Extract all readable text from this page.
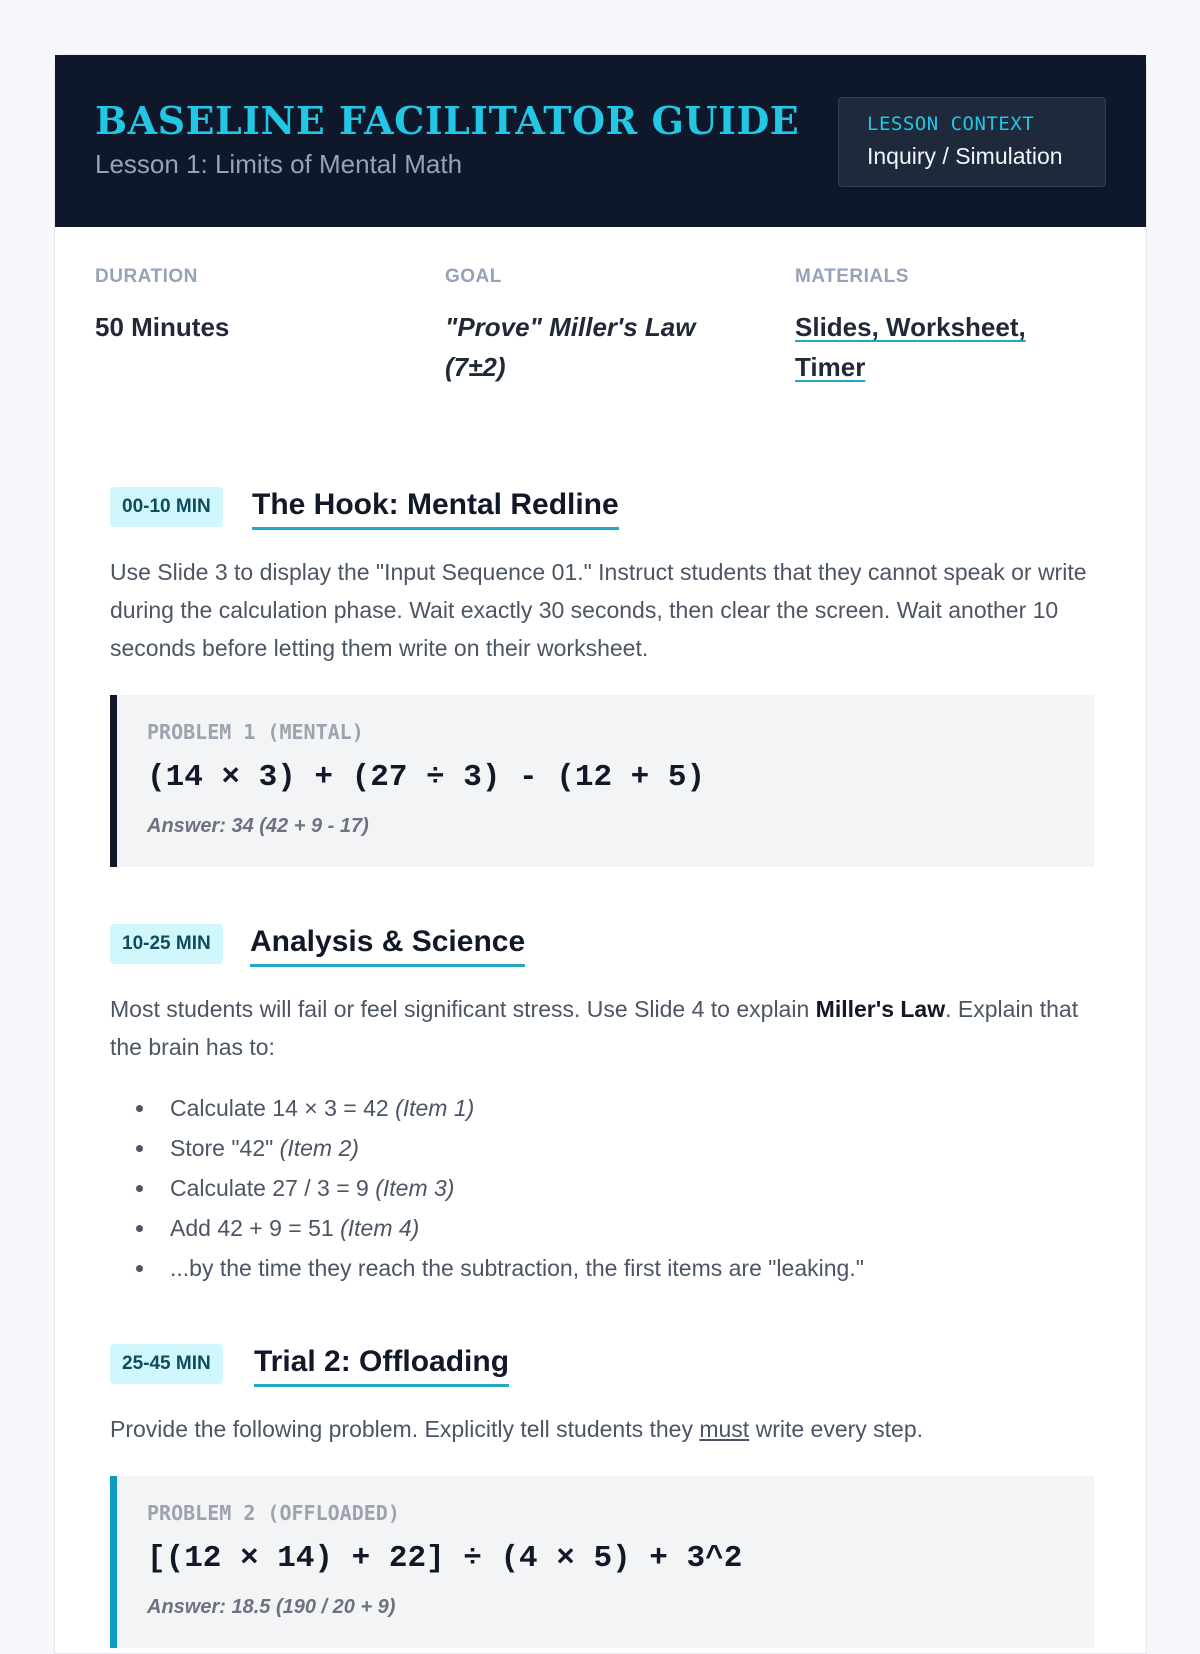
BASELINE FACILITATOR GUIDE
Lesson 1: Limits of Mental Math
LESSON CONTEXT
Inquiry / Simulation
DURATION
50 Minutes
GOAL
"Prove" Miller's Law (7±2)
MATERIALS
Slides, Worksheet, Timer
00-10 MIN	The Hook: Mental Redline

Use Slide 3 to display the "Input Sequence 01." Instruct students that they cannot speak or write during the calculation phase. Wait exactly 30 seconds, then clear the screen. Wait another 10 seconds before letting them write on their worksheet.

PROBLEM 1 (MENTAL)
(14 × 3) + (27 ÷ 3) - (12 + 5)
Answer: 34 (42 + 9 - 17)
10-25 MIN	Analysis & Science

Most students will fail or feel significant stress. Use Slide 4 to explain Miller's Law. Explain that the brain has to:

Calculate 14 × 3 = 42 (Item 1)
Store "42" (Item 2)
Calculate 27 / 3 = 9 (Item 3)
Add 42 + 9 = 51 (Item 4)
...by the time they reach the subtraction, the first items are "leaking."
25-45 MIN	Trial 2: Offloading

Provide the following problem. Explicitly tell students they must write every step.

PROBLEM 2 (OFFLOADED)
[(12 × 14) + 22] ÷ (4 × 5) + 3^2
Answer: 18.5 (190 / 20 + 9)
